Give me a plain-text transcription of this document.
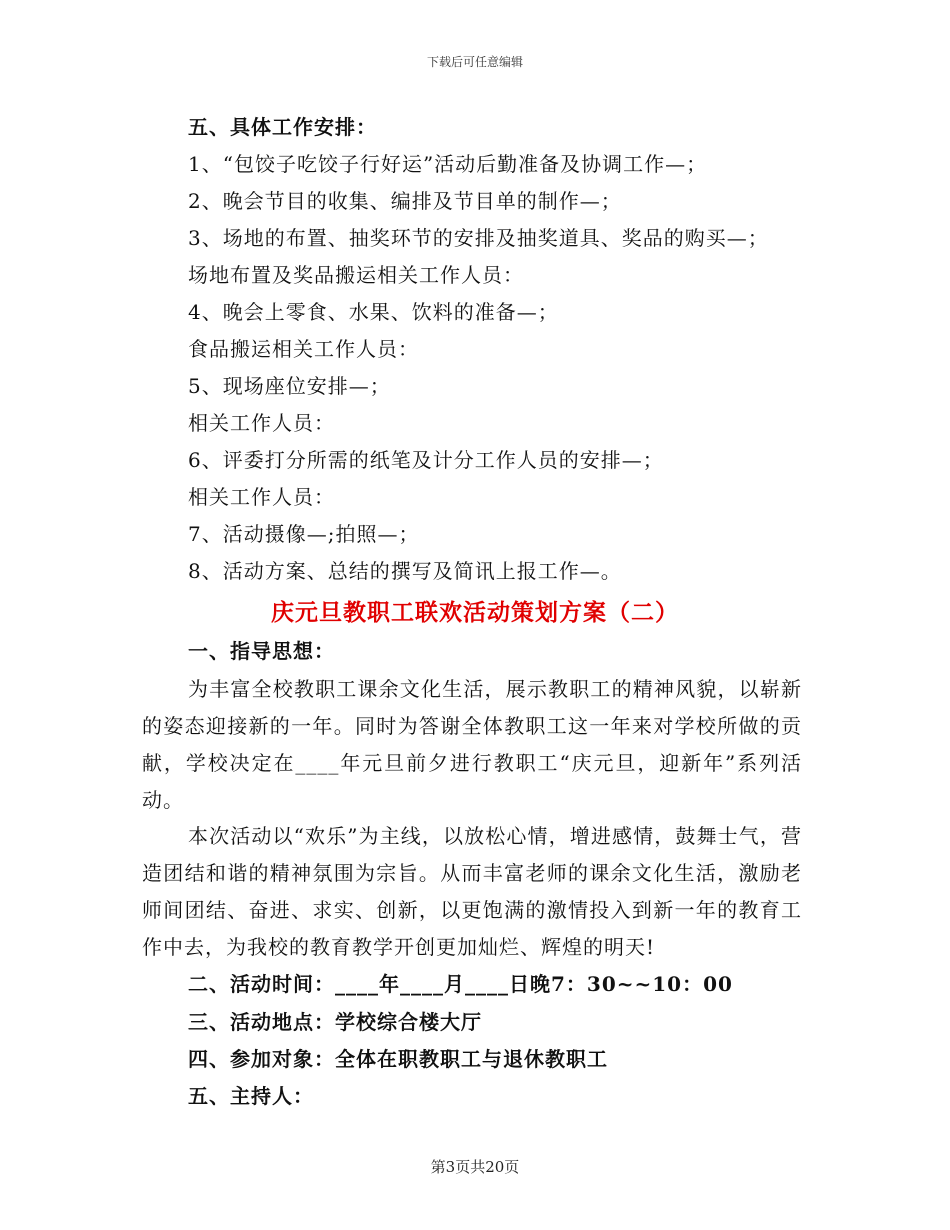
下载后可任意编辑
五、具体工作安排：
1、“包饺子吃饺子行好运”活动后勤准备及协调工作—；
2、晚会节目的收集、编排及节目单的制作—；
3、场地的布置、抽奖环节的安排及抽奖道具、奖品的购买—；
场地布置及奖品搬运相关工作人员：
4、晚会上零食、水果、饮料的准备—；
食品搬运相关工作人员：
5、现场座位安排—；
相关工作人员：
6、评委打分所需的纸笔及计分工作人员的安排—；
相关工作人员：
7、活动摄像—;拍照—；
8、活动方案、总结的撰写及简讯上报工作—。
庆元旦教职工联欢活动策划方案（二）
一、指导思想：
为丰富全校教职工课余文化生活，展示教职工的精神风貌，以崭新的姿态迎接新的一年。同时为答谢全体教职工这一年来对学校所做的贡献，学校决定在____年元旦前夕进行教职工“庆元旦，迎新年”系列活动。
本次活动以“欢乐”为主线，以放松心情，增进感情，鼓舞士气，营造团结和谐的精神氛围为宗旨。从而丰富老师的课余文化生活，激励老师间团结、奋进、求实、创新，以更饱满的激情投入到新一年的教育工作中去，为我校的教育教学开创更加灿烂、辉煌的明天!
二、活动时间：____年____月____日晚7：30~~10：00
三、活动地点：学校综合楼大厅
四、参加对象：全体在职教职工与退休教职工
五、主持人：
第3页共20页
